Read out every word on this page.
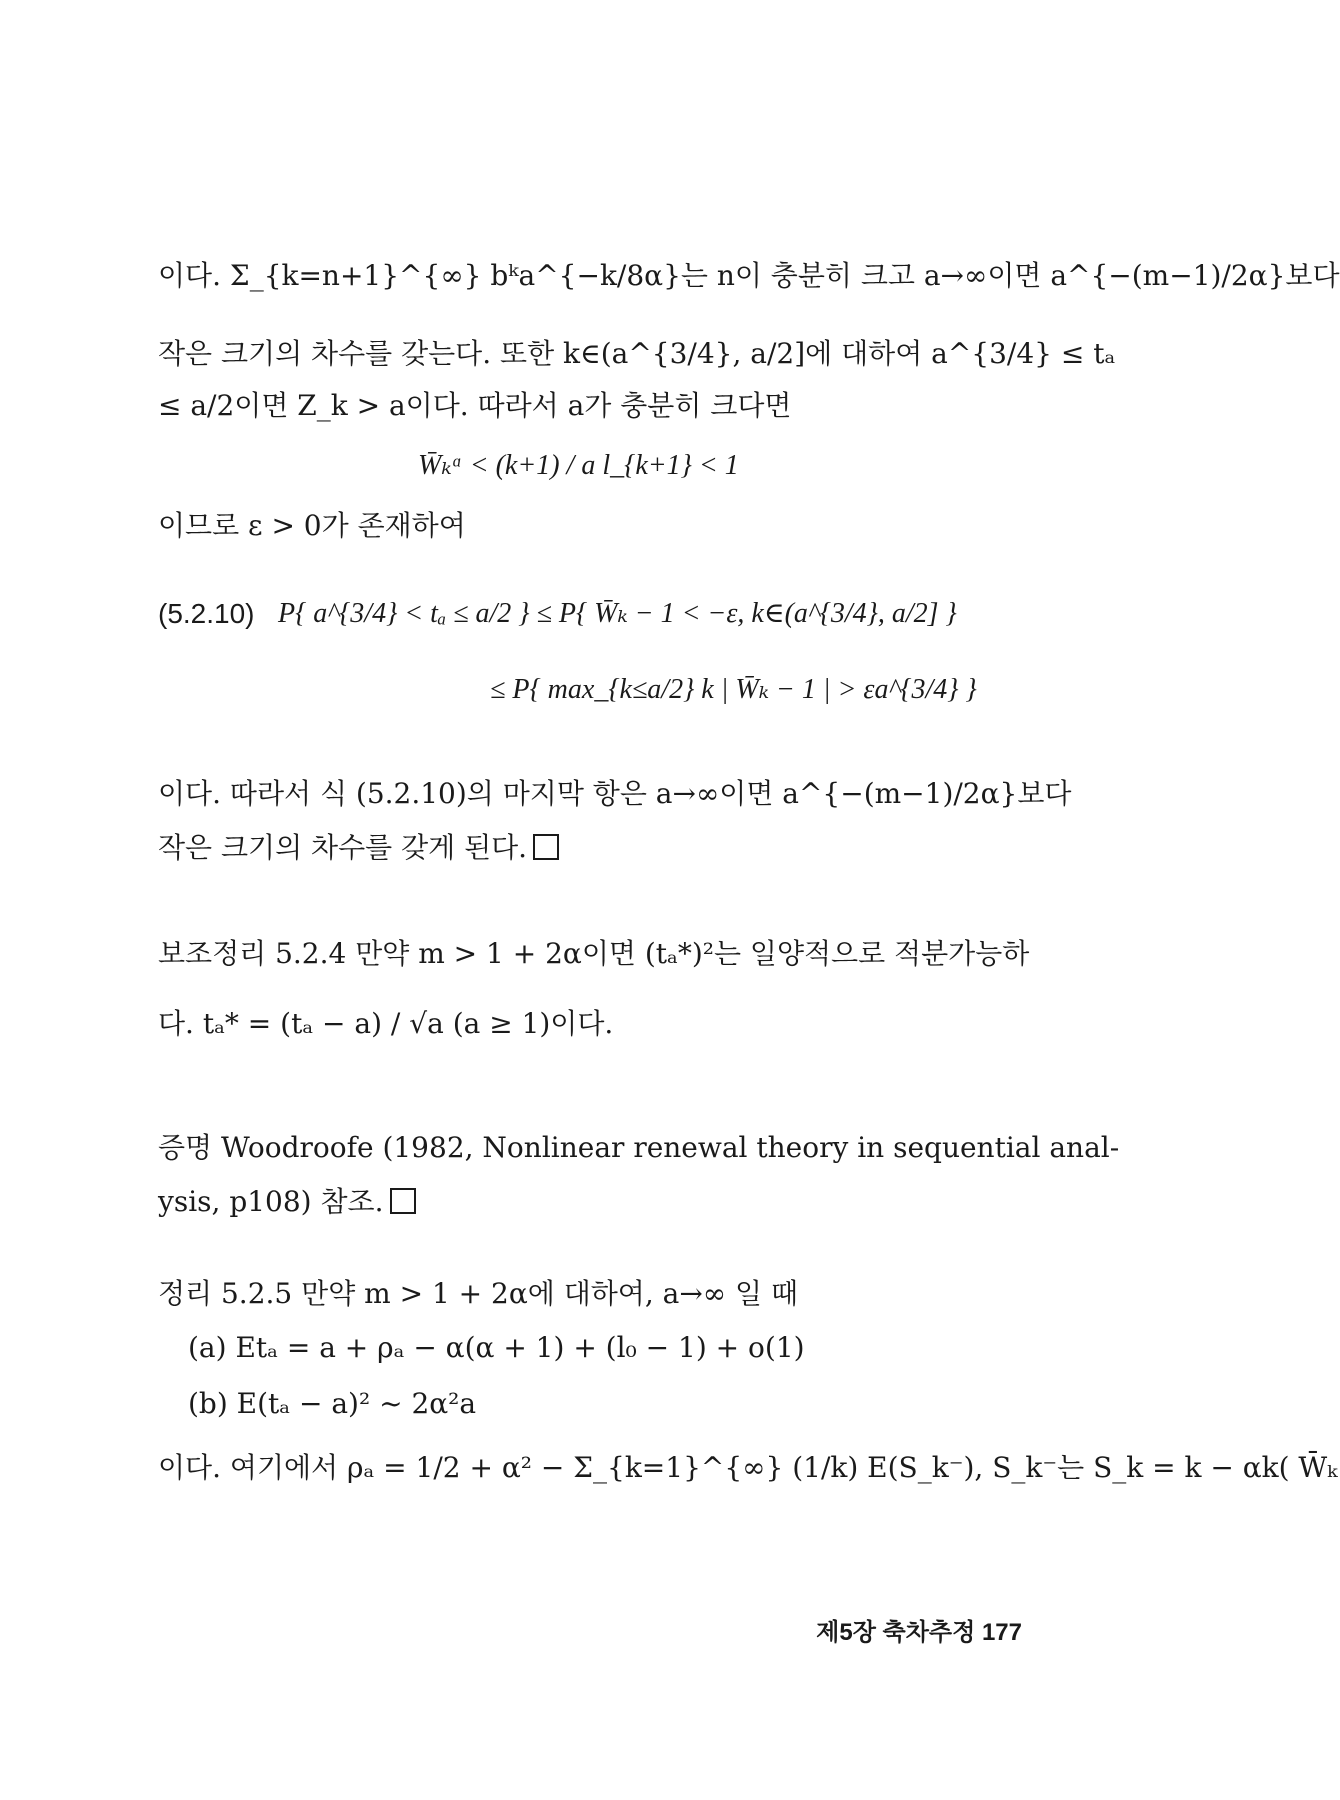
이다. Σ_{k=n+1}^{∞} bᵏa^{−k/8α}는 n이 충분히 크고 a→∞이면 a^{−(m−1)/2α}보다
작은 크기의 차수를 갖는다. 또한 k∈(a^{3/4}, a/2]에 대하여 a^{3/4} ≤ tₐ
≤ a/2이면 Z_k > a이다. 따라서 a가 충분히 크다면
W̄ₖᵅ < (k+1) / a l_{k+1} < 1
이므로 ε > 0가 존재하여
(5.2.10) P{ a^{3/4} < tₐ ≤ a/2 } ≤ P{ W̄ₖ − 1 < −ε, k∈(a^{3/4}, a/2] }
≤ P{ max_{k≤a/2} k | W̄ₖ − 1 | > εa^{3/4} }
이다. 따라서 식 (5.2.10)의 마지막 항은 a→∞이면 a^{−(m−1)/2α}보다
작은 크기의 차수를 갖게 된다.
보조정리 5.2.4 만약 m > 1 + 2α이면 (tₐ*)²는 일양적으로 적분가능하
다. tₐ* = (tₐ − a) / √a (a ≥ 1)이다.
증명 Woodroofe (1982, Nonlinear renewal theory in sequential anal-
ysis, p108) 참조.
정리 5.2.5 만약 m > 1 + 2α에 대하여, a→∞ 일 때
(a) Etₐ = a + ρₐ − α(α + 1) + (l₀ − 1) + o(1)
(b) E(tₐ − a)² ~ 2α²a
이다. 여기에서 ρₐ = 1/2 + α² − Σ_{k=1}^{∞} (1/k) E(S_k⁻), S_k⁻는 S_k = k − αk( W̄ₖ
제5장 축차추정 177
